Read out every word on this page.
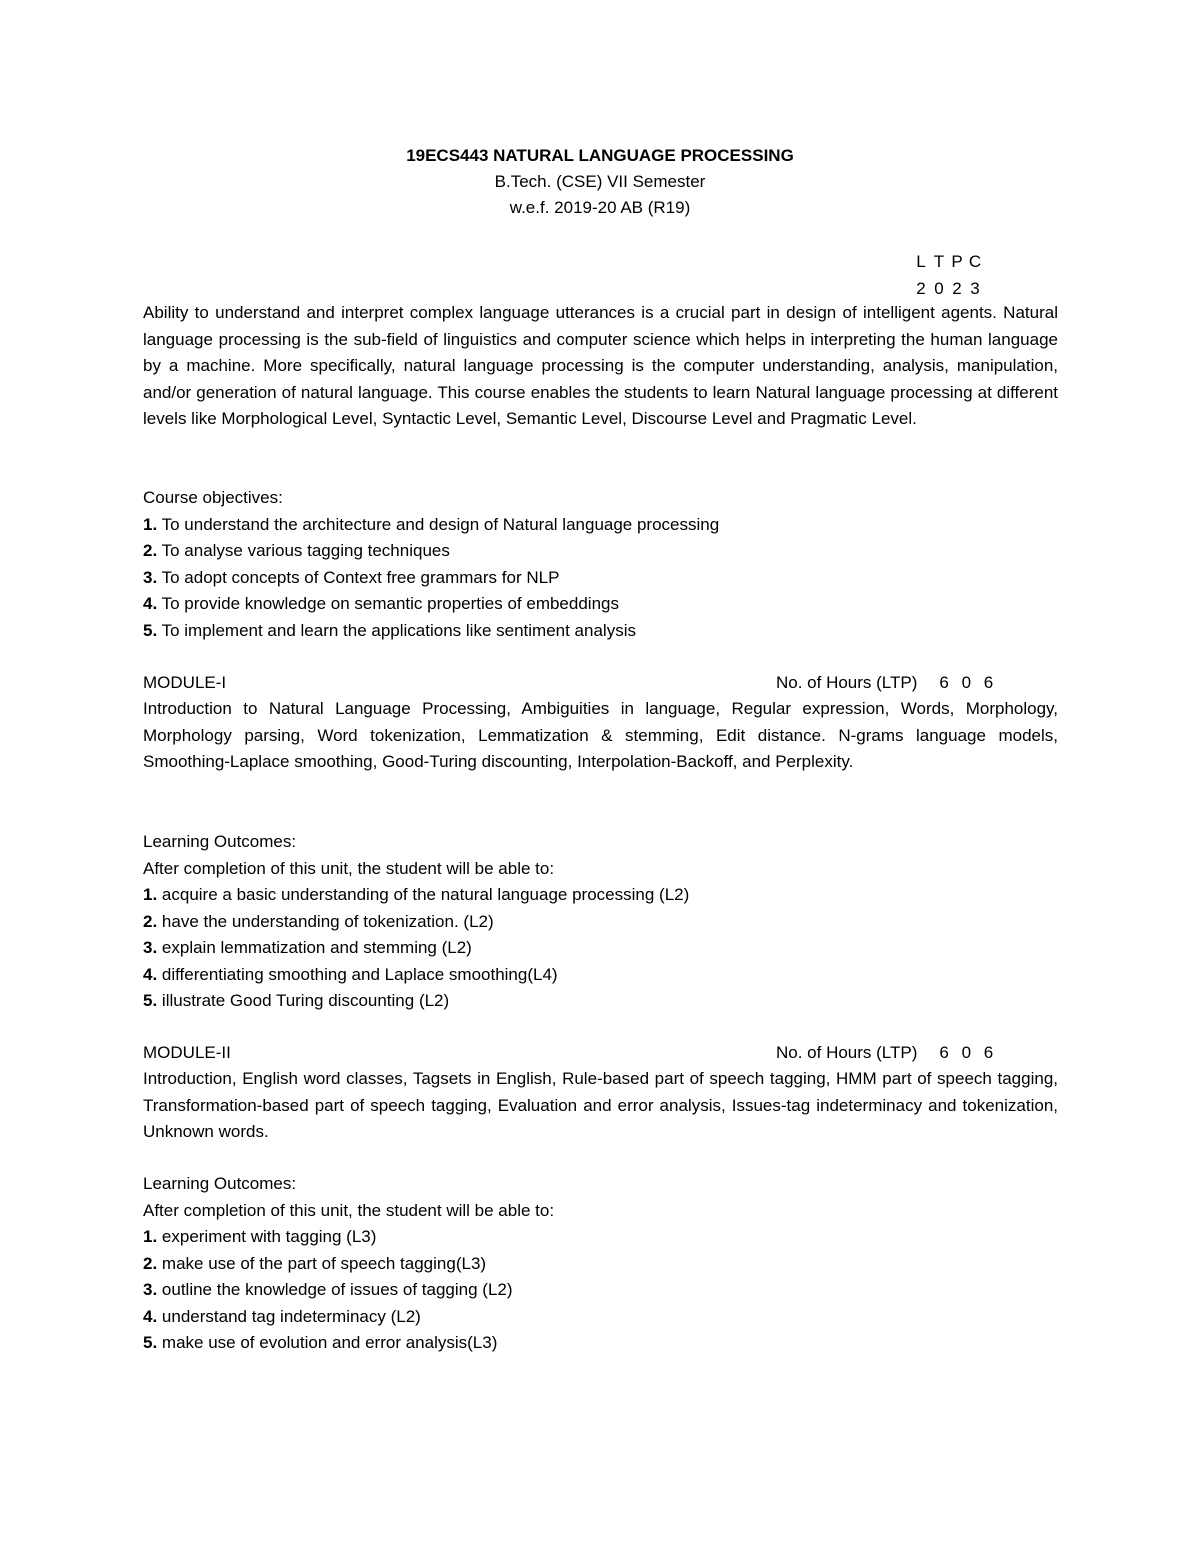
19ECS443 NATURAL LANGUAGE PROCESSING
B.Tech. (CSE) VII Semester
w.e.f. 2019-20 AB (R19)
L T P C
2 0 2 3
Ability to understand and interpret complex language utterances is a crucial part in design of intelligent agents. Natural language processing is the sub-field of linguistics and computer science which helps in interpreting the human language by a machine. More specifically, natural language processing is the computer understanding, analysis, manipulation, and/or generation of natural language. This course enables the students to learn Natural language processing at different levels like Morphological Level, Syntactic Level, Semantic Level, Discourse Level and Pragmatic Level.
Course objectives:
1. To understand the architecture and design of Natural language processing
2. To analyse various tagging techniques
3. To adopt concepts of Context free grammars for NLP
4. To provide knowledge on semantic properties of embeddings
5. To implement and learn the applications like sentiment analysis
MODULE-I	No. of Hours (LTP) 6 0 6
Introduction to Natural Language Processing, Ambiguities in language, Regular expression, Words, Morphology, Morphology parsing, Word tokenization, Lemmatization & stemming, Edit distance. N-grams language models, Smoothing-Laplace smoothing, Good-Turing discounting, Interpolation-Backoff, and Perplexity.
Learning Outcomes:
After completion of this unit, the student will be able to:
1. acquire a basic understanding of the natural language processing (L2)
2. have the understanding of tokenization. (L2)
3. explain lemmatization and stemming (L2)
4. differentiating smoothing and Laplace smoothing(L4)
5. illustrate Good Turing discounting (L2)
MODULE-II	No. of Hours (LTP) 6 0 6
Introduction, English word classes, Tagsets in English, Rule-based part of speech tagging, HMM part of speech tagging, Transformation-based part of speech tagging, Evaluation and error analysis, Issues-tag indeterminacy and tokenization, Unknown words.
Learning Outcomes:
After completion of this unit, the student will be able to:
1. experiment with tagging (L3)
2. make use of the part of speech tagging(L3)
3. outline the knowledge of issues of tagging (L2)
4. understand tag indeterminacy (L2)
5. make use of evolution and error analysis(L3)
